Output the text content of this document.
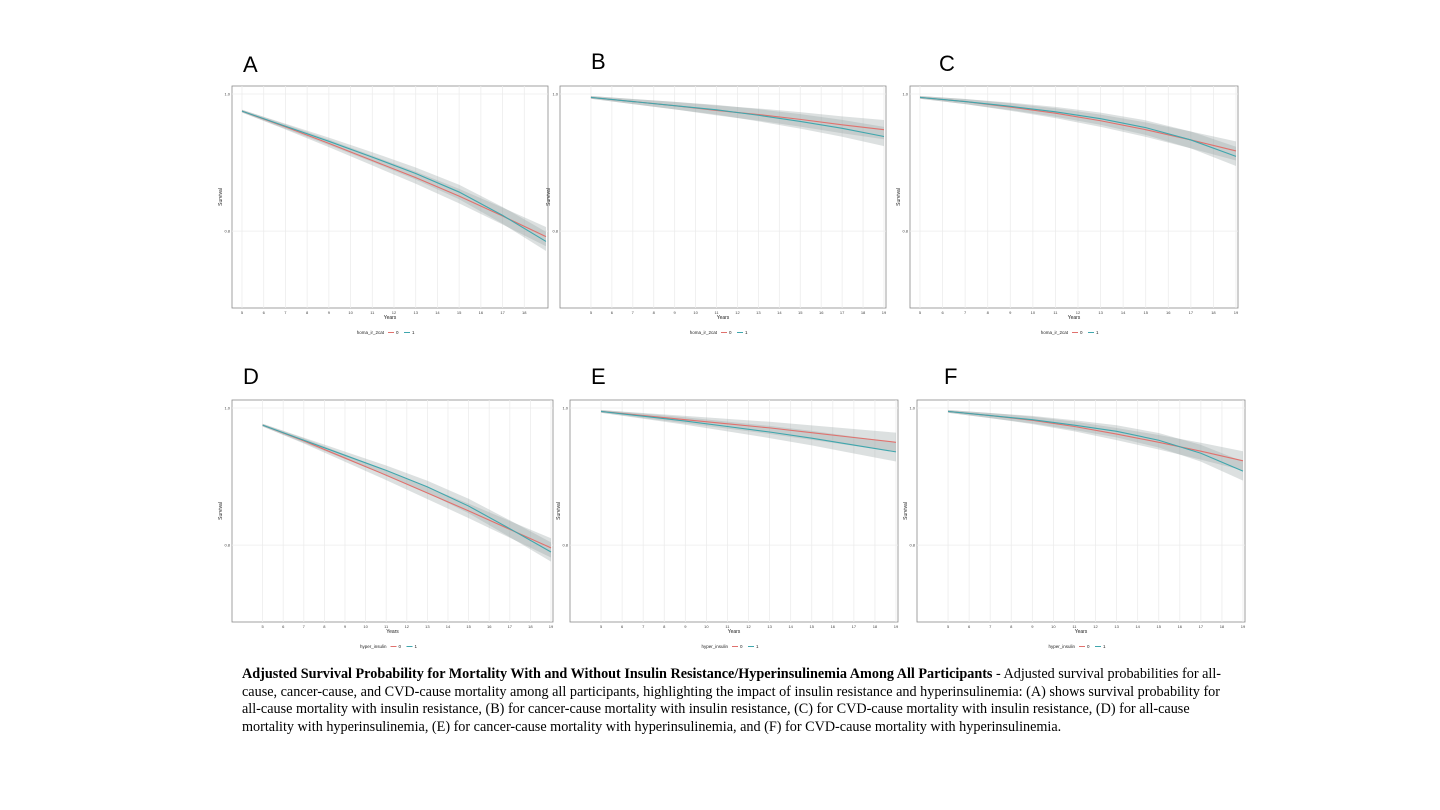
A	B	C
D	E	F
5	6	7	8	9	10	11	12	13	14	15	16	17	18
0.8
1.0
Years
Survival
homa_ir_2cat	0	1
5	6	7	8	9	10	11	12	13	14	15	16	17	18	19
0.8
1.0
Years
Survival
homa_ir_2cat	0	1
5	6	7	8	9	10	11	12	13	14	15	16	17	18	19
0.8
1.0
Years
Survival
homa_ir_2cat	0	1
5	6	7	8	9	10	11	12	13	14	15	16	17	18	19
0.8
1.0
Years
Survival
hyper_insulin	0	1
5	6	7	8	9	10	11	12	13	14	15	16	17	18	19
0.8
1.0
Years
Survival
hyper_insulin	0	1
5	6	7	8	9	10	11	12	13	14	15	16	17	18	19
0.8
1.0
Years
Survival
hyper_insulin	0	1
Adjusted Survival Probability for Mortality With and Without Insulin Resistance/Hyperinsulinemia Among All Participants - Adjusted survival probabilities for all-cause, cancer-cause, and CVD-cause mortality among all participants, highlighting the impact of insulin resistance and hyperinsulinemia: (A) shows survival probability for all-cause mortality with insulin resistance, (B) for cancer-cause mortality with insulin resistance, (C) for CVD-cause mortality with insulin resistance, (D) for all-cause mortality with hyperinsulinemia, (E) for cancer-cause mortality with hyperinsulinemia, and (F) for CVD-cause mortality with hyperinsulinemia.
